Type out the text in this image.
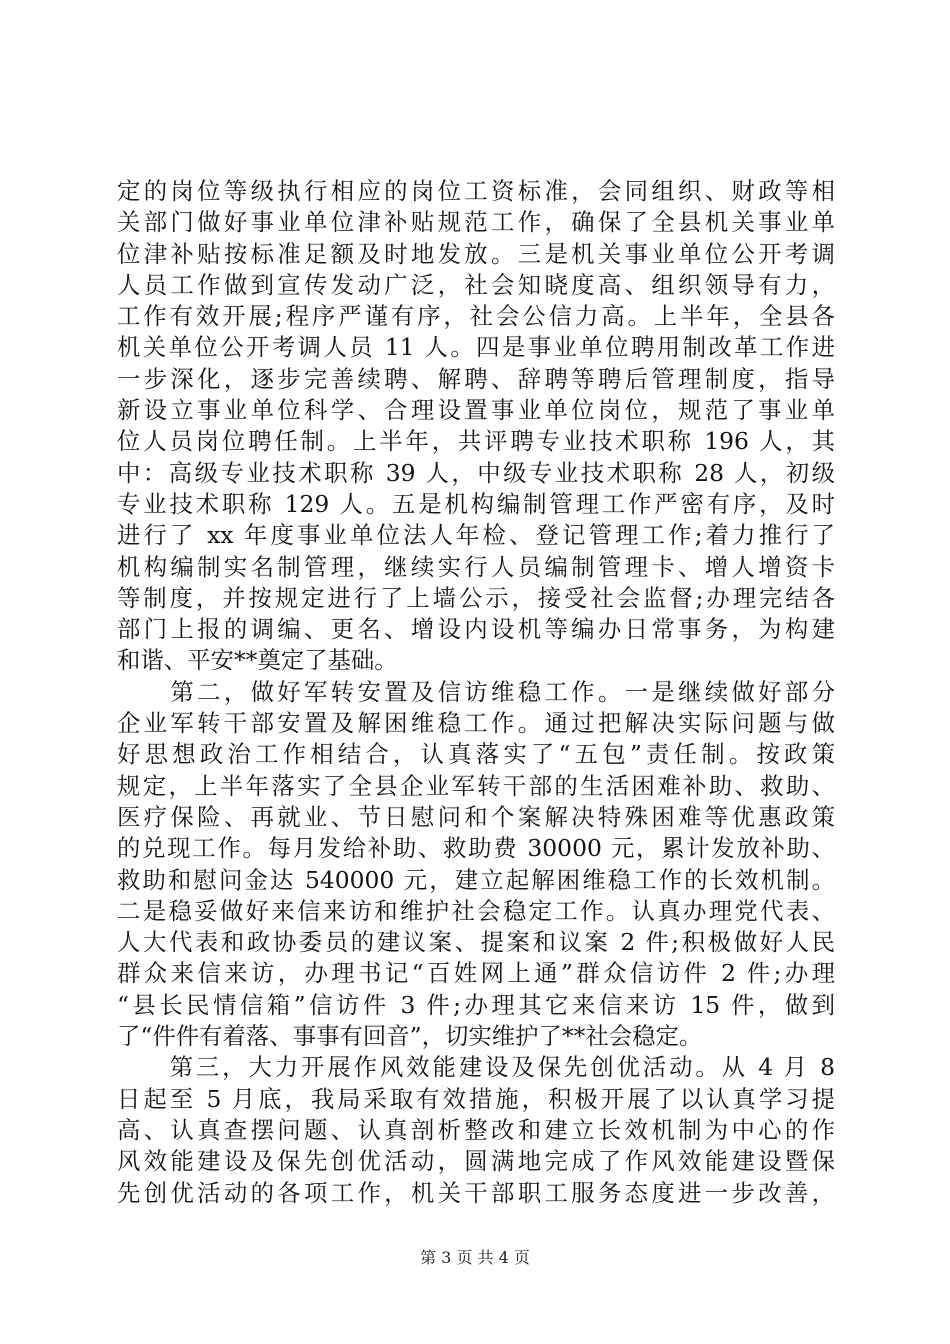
定的岗位等级执行相应的岗位工资标准，会同组织、财政等相
关部门做好事业单位津补贴规范工作，确保了全县机关事业单
位津补贴按标准足额及时地发放。三是机关事业单位公开考调
人员工作做到宣传发动广泛，社会知晓度高、组织领导有力，
工作有效开展;程序严谨有序，社会公信力高。上半年，全县各
机关单位公开考调人员 11 人。四是事业单位聘用制改革工作进
一步深化，逐步完善续聘、解聘、辞聘等聘后管理制度，指导
新设立事业单位科学、合理设置事业单位岗位，规范了事业单
位人员岗位聘任制。上半年，共评聘专业技术职称 196 人，其
中：高级专业技术职称 39 人，中级专业技术职称 28 人，初级
专业技术职称 129 人。五是机构编制管理工作严密有序，及时
进行了 xx 年度事业单位法人年检、登记管理工作;着力推行了
机构编制实名制管理，继续实行人员编制管理卡、增人增资卡
等制度，并按规定进行了上墙公示，接受社会监督;办理完结各
部门上报的调编、更名、增设内设机等编办日常事务，为构建
和谐、平安**奠定了基础。
　　第二，做好军转安置及信访维稳工作。一是继续做好部分
企业军转干部安置及解困维稳工作。通过把解决实际问题与做
好思想政治工作相结合，认真落实了“五包”责任制。按政策
规定，上半年落实了全县企业军转干部的生活困难补助、救助、
医疗保险、再就业、节日慰问和个案解决特殊困难等优惠政策
的兑现工作。每月发给补助、救助费 30000 元，累计发放补助、
救助和慰问金达 540000 元，建立起解困维稳工作的长效机制。
二是稳妥做好来信来访和维护社会稳定工作。认真办理党代表、
人大代表和政协委员的建议案、提案和议案 2 件;积极做好人民
群众来信来访，办理书记“百姓网上通”群众信访件 2 件;办理
“县长民情信箱”信访件 3 件;办理其它来信来访 15 件，做到
了“件件有着落、事事有回音”，切实维护了**社会稳定。
　　第三，大力开展作风效能建设及保先创优活动。从 4 月 8
日起至 5 月底，我局采取有效措施，积极开展了以认真学习提
高、认真查摆问题、认真剖析整改和建立长效机制为中心的作
风效能建设及保先创优活动，圆满地完成了作风效能建设暨保
先创优活动的各项工作，机关干部职工服务态度进一步改善，
第 3 页 共 4 页
